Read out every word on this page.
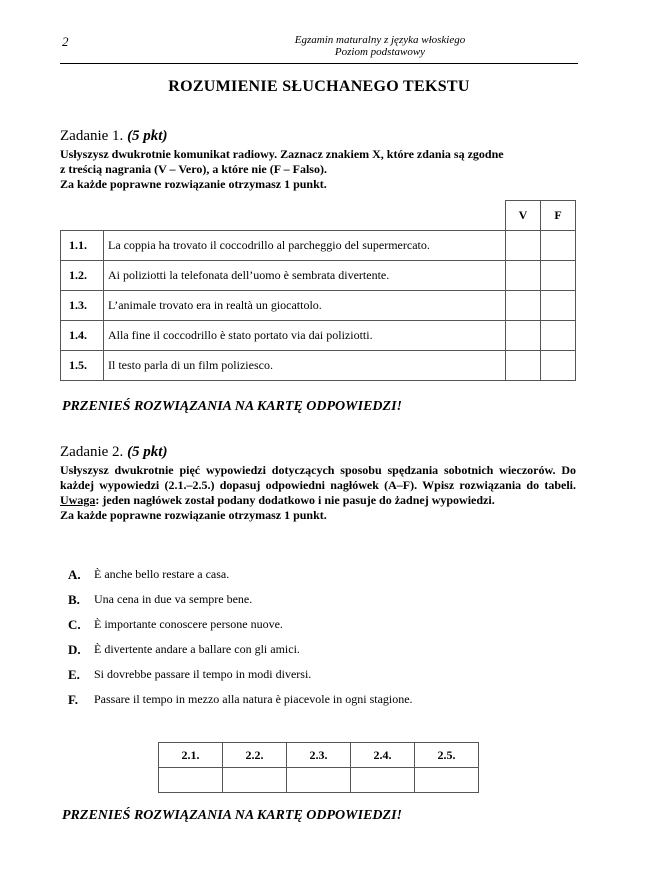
2	Egzamin maturalny z języka włoskiego
Poziom podstawowy
ROZUMIENIE SŁUCHANEGO TEKSTU
Zadanie 1. (5 pkt)

Usłyszysz dwukrotnie komunikat radiowy. Zaznacz znakiem X, które zdania są zgodne

z treścią nagrania (V – Vero), a które nie (F – Falso).

Za każde poprawne rozwiązanie otrzymasz 1 punkt.

		V	F
1.1.	La coppia ha trovato il coccodrillo al parcheggio del supermercato.		
1.2.	Ai poliziotti la telefonata dell’uomo è sembrata divertente.		
1.3.	L’animale trovato era in realtà un giocattolo.		
1.4.	Alla fine il coccodrillo è stato portato via dai poliziotti.		
1.5.	Il testo parla di un film poliziesco.		
PRZENIEŚ ROZWIĄZANIA NA KARTĘ ODPOWIEDZI!
Zadanie 2. (5 pkt)

Usłyszysz dwukrotnie pięć wypowiedzi dotyczących sposobu spędzania sobotnich wieczorów. Do każdej wypowiedzi (2.1.–2.5.) dopasuj odpowiedni nagłówek (A–F). Wpisz rozwiązania do tabeli. Uwaga: jeden nagłówek został podany dodatkowo i nie pasuje do żadnej wypowiedzi.

Za każde poprawne rozwiązanie otrzymasz 1 punkt.

A.	È anche bello restare a casa.
B.	Una cena in due va sempre bene.
C.	È importante conoscere persone nuove.
D.	È divertente andare a ballare con gli amici.
E.	Si dovrebbe passare il tempo in modi diversi.
F.	Passare il tempo in mezzo alla natura è piacevole in ogni stagione.
2.1.	2.2.	2.3.	2.4.	2.5.

PRZENIEŚ ROZWIĄZANIA NA KARTĘ ODPOWIEDZI!
